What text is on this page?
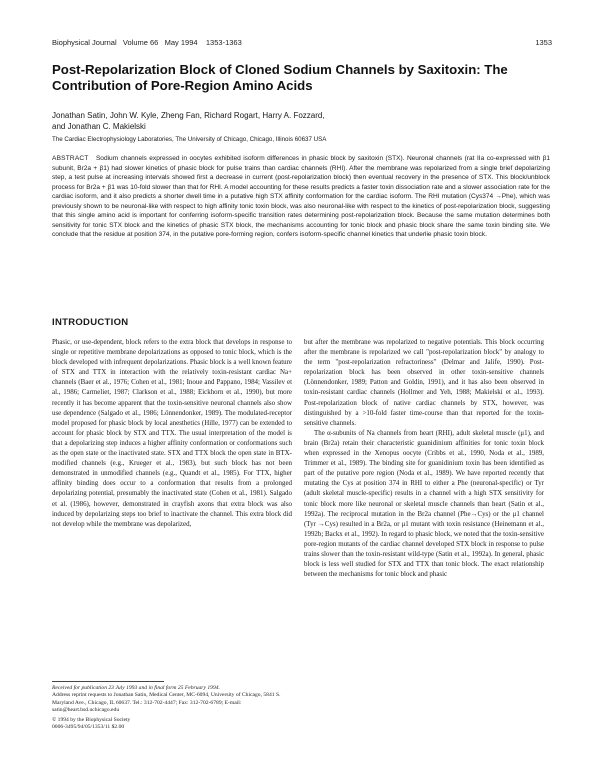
Biophysical Journal Volume 66 May 1994 1353-1363	1353
Post-Repolarization Block of Cloned Sodium Channels by Saxitoxin: The Contribution of Pore-Region Amino Acids
Jonathan Satin, John W. Kyle, Zheng Fan, Richard Rogart, Harry A. Fozzard,
and Jonathan C. Makielski
The Cardiac Electrophysiology Laboratories, The University of Chicago, Chicago, Illinois 60637 USA

ABSTRACT Sodium channels expressed in oocytes exhibited isoform differences in phasic block by saxitoxin (STX). Neuronal channels (rat IIa co-expressed with β1 subunit, Br2a + β1) had slower kinetics of phasic block for pulse trains than cardiac channels (RHI). After the membrane was repolarized from a single brief depolarizing step, a test pulse at increasing intervals showed first a decrease in current (post-repolarization block) then eventual recovery in the presence of STX. This block/unblock process for Br2a + β1 was 10-fold slower than that for RHI. A model accounting for these results predicts a faster toxin dissociation rate and a slower association rate for the cardiac isoform, and it also predicts a shorter dwell time in a putative high STX affinity conformation for the cardiac isoform. The RHI mutation (Cys374 →Phe), which was previously shown to be neuronal-like with respect to high affinity tonic toxin block, was also neuronal-like with respect to the kinetics of post-repolarization block, suggesting that this single amino acid is important for conferring isoform-specific transition rates determining post-repolarization block. Because the same mutation determines both sensitivity for tonic STX block and the kinetics of phasic STX block, the mechanisms accounting for tonic block and phasic block share the same toxin binding site. We conclude that the residue at position 374, in the putative pore-forming region, confers isoform-specific channel kinetics that underlie phasic toxin block.

INTRODUCTION

Phasic, or use-dependent, block refers to the extra block that develops in response to single or repetitive membrane depolarizations as opposed to tonic block, which is the block developed with infrequent depolarizations. Phasic block is a well known feature of STX and TTX in interaction with the relatively toxin-resistant cardiac Na+ channels (Baer et al., 1976; Cohen et al., 1981; Inoue and Pappano, 1984; Vassilev et al., 1986; Carmeliet, 1987; Clarkson et al., 1988; Eickhorn et al., 1990), but more recently it has become apparent that the toxin-sensitive neuronal channels also show use dependence (Salgado et al., 1986; Lönnendonker, 1989). The modulated-receptor model proposed for phasic block by local anesthetics (Hille, 1977) can be extended to account for phasic block by STX and TTX. The usual interpretation of the model is that a depolarizing step induces a higher affinity conformation or conformations such as the open state or the inactivated state. STX and TTX block the open state in BTX-modified channels (e.g., Krueger et al., 1983), but such block has not been demonstrated in unmodified channels (e.g., Quandt et al., 1985). For TTX, higher affinity binding does occur to a conformation that results from a prolonged depolarizing potential, presumably the inactivated state (Cohen et al., 1981). Salgado et al. (1986), however, demonstrated in crayfish axons that extra block was also induced by depolarizing steps too brief to inactivate the channel. This extra block did not develop while the membrane was depolarized,

but after the membrane was repolarized to negative potentials. This block occurring after the membrane is repolarized we call "post-repolarization block" by analogy to the term "post-repolarization refractoriness" (Delmar and Jalife, 1990). Post-repolarization block has been observed in other toxin-sensitive channels (Lönnendonker, 1989; Patton and Goldin, 1991), and it has also been observed in toxin-resistant cardiac channels (Hollmer and Yeh, 1988; Makielski et al., 1993). Post-repolarization block of native cardiac channels by STX, however, was distinguished by a >10-fold faster time-course than that reported for the toxin-sensitive channels.

The α-subunits of Na channels from heart (RHI), adult skeletal muscle (μ1), and brain (Br2a) retain their characteristic guanidinium affinities for tonic toxin block when expressed in the Xenopus oocyte (Cribbs et al., 1990, Noda et al., 1989, Trimmer et al., 1989). The binding site for guanidinium toxin has been identified as part of the putative pore region (Noda et al., 1989). We have reported recently that mutating the Cys at position 374 in RHI to either a Phe (neuronal-specific) or Tyr (adult skeletal muscle-specific) results in a channel with a high STX sensitivity for tonic block more like neuronal or skeletal muscle channels than heart (Satin et al., 1992a). The reciprocal mutation in the Br2a channel (Phe→Cys) or the μ1 channel (Tyr →Cys) resulted in a Br2a, or μ1 mutant with toxin resistance (Heinemann et al., 1992b; Backx et al., 1992). In regard to phasic block, we noted that the toxin-sensitive pore-region mutants of the cardiac channel developed STX block in response to pulse trains slower than the toxin-resistant wild-type (Satin et al., 1992a). In general, phasic block is less well studied for STX and TTX than tonic block. The exact relationship between the mechanisms for tonic block and phasic

Received for publication 23 July 1993 and in final form 25 February 1994.

Address reprint requests to Jonathan Satin, Medical Center, MC-6094, University of Chicago, 5841 S. Maryland Ave., Chicago, IL 60637. Tel.: 312-702-4447; Fax: 312-702-6789; E-mail: satin@heart.bsd.uchicago.edu

© 1994 by the Biophysical Society

0006-3495/94/05/1353/11 $2.00
